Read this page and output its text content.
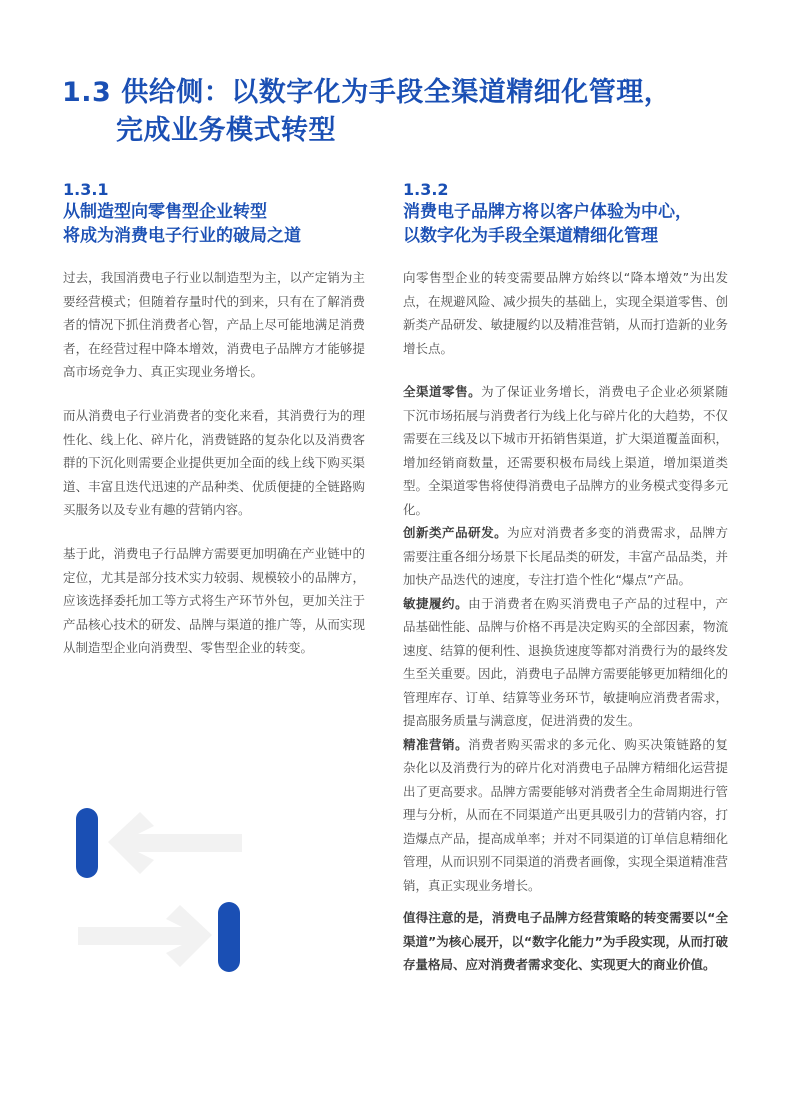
1.3 供给侧：以数字化为手段全渠道精细化管理，
完成业务模式转型
1.3.1
从制造型向零售型企业转型
将成为消费电子行业的破局之道

过去，我国消费电子行业以制造型为主，以产定销为主要经营模式；但随着存量时代的到来，只有在了解消费者的情况下抓住消费者心智，产品上尽可能地满足消费者，在经营过程中降本增效，消费电子品牌方才能够提高市场竞争力、真正实现业务增长。

而从消费电子行业消费者的变化来看，其消费行为的理性化、线上化、碎片化，消费链路的复杂化以及消费客群的下沉化则需要企业提供更加全面的线上线下购买渠道、丰富且迭代迅速的产品种类、优质便捷的全链路购买服务以及专业有趣的营销内容。

基于此，消费电子行品牌方需要更加明确在产业链中的定位，尤其是部分技术实力较弱、规模较小的品牌方，应该选择委托加工等方式将生产环节外包，更加关注于产品核心技术的研发、品牌与渠道的推广等，从而实现从制造型企业向消费型、零售型企业的转变。

1.3.2
消费电子品牌方将以客户体验为中心，
以数字化为手段全渠道精细化管理

向零售型企业的转变需要品牌方始终以“降本增效”为出发点，在规避风险、减少损失的基础上，实现全渠道零售、创新类产品研发、敏捷履约以及精准营销，从而打造新的业务增长点。

全渠道零售。为了保证业务增长，消费电子企业必须紧随下沉市场拓展与消费者行为线上化与碎片化的大趋势，不仅需要在三线及以下城市开拓销售渠道，扩大渠道覆盖面积，增加经销商数量，还需要积极布局线上渠道，增加渠道类型。全渠道零售将使得消费电子品牌方的业务模式变得多元化。
创新类产品研发。为应对消费者多变的消费需求，品牌方需要注重各细分场景下长尾品类的研发，丰富产品品类，并加快产品迭代的速度，专注打造个性化“爆点”产品。
敏捷履约。由于消费者在购买消费电子产品的过程中，产品基础性能、品牌与价格不再是决定购买的全部因素，物流速度、结算的便利性、退换货速度等都对消费行为的最终发生至关重要。因此，消费电子品牌方需要能够更加精细化的管理库存、订单、结算等业务环节，敏捷响应消费者需求，提高服务质量与满意度，促进消费的发生。
精准营销。消费者购买需求的多元化、购买决策链路的复杂化以及消费行为的碎片化对消费电子品牌方精细化运营提出了更高要求。品牌方需要能够对消费者全生命周期进行管理与分析，从而在不同渠道产出更具吸引力的营销内容，打造爆点产品，提高成单率；并对不同渠道的订单信息精细化管理，从而识别不同渠道的消费者画像，实现全渠道精准营销，真正实现业务增长。

值得注意的是，消费电子品牌方经营策略的转变需要以“全渠道”为核心展开，以“数字化能力”为手段实现，从而打破存量格局、应对消费者需求变化、实现更大的商业价值。
